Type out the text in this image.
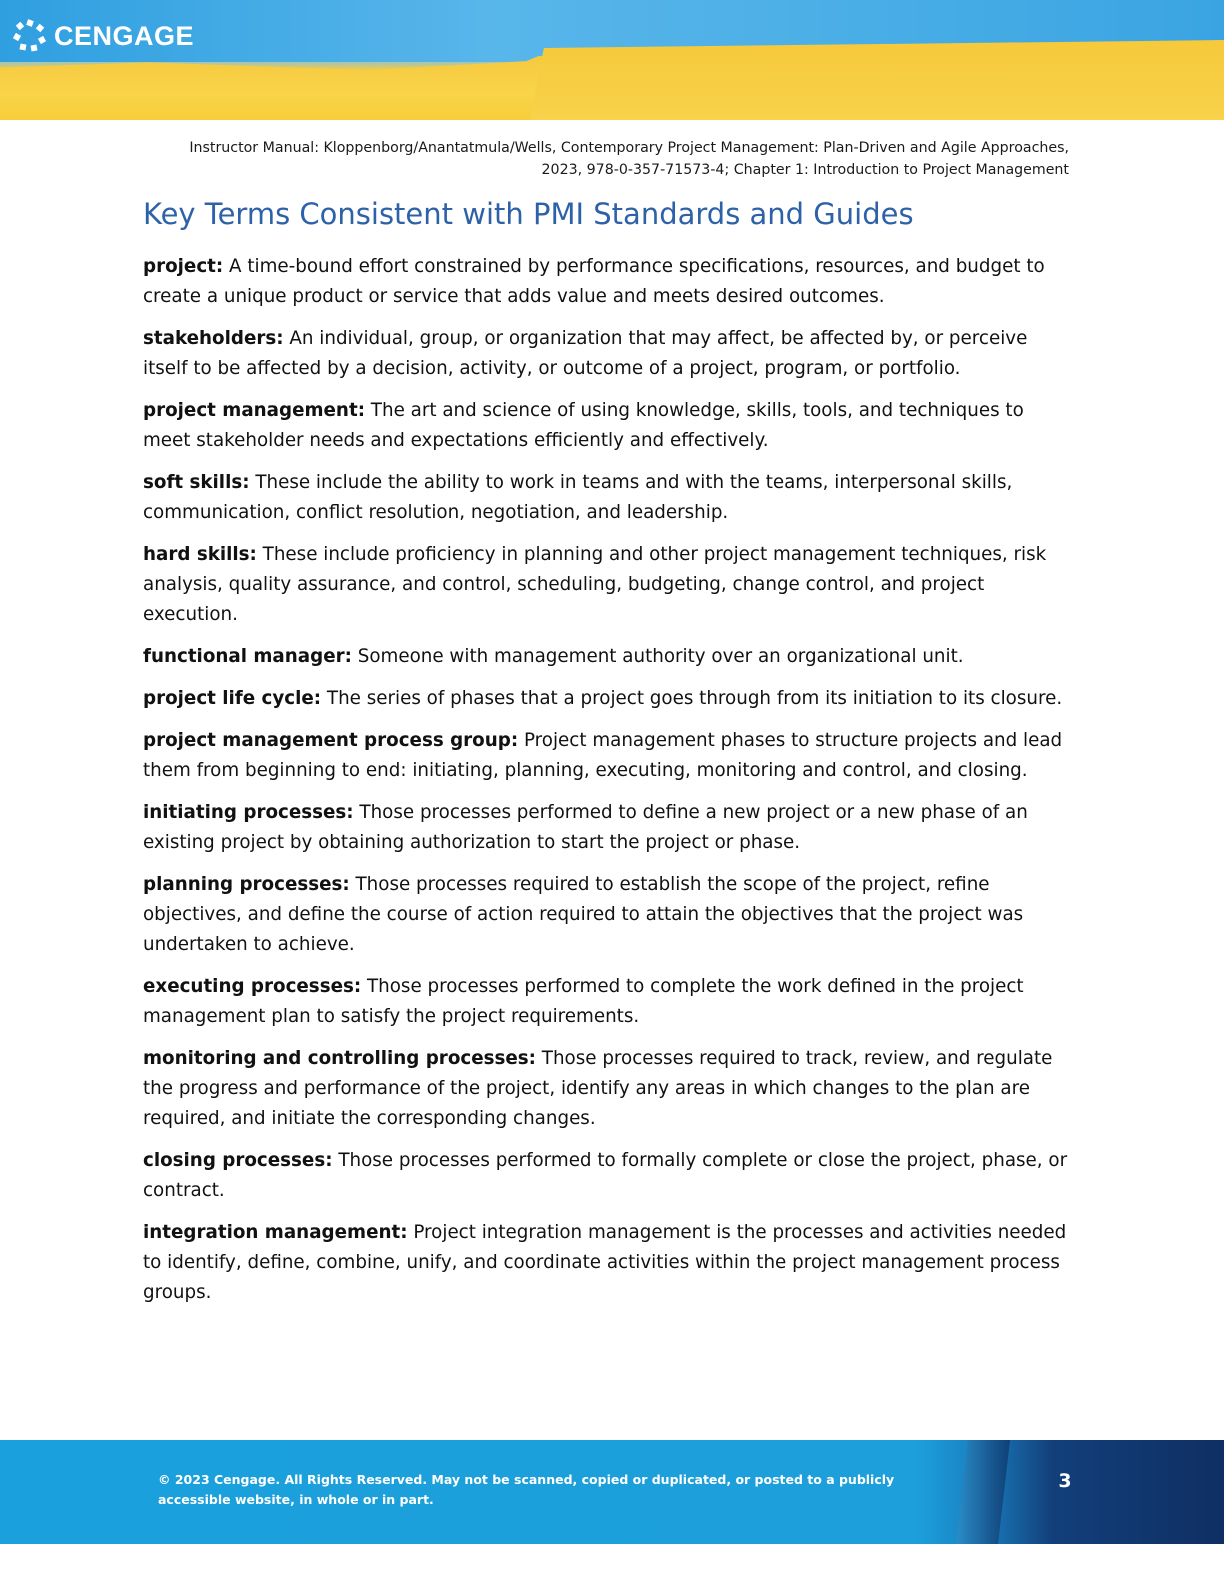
CENGAGE
Instructor Manual: Kloppenborg/Anantatmula/Wells, Contemporary Project Management: Plan-Driven and Agile Approaches,
2023, 978-0-357-71573-4; Chapter 1: Introduction to Project Management
Key Terms Consistent with PMI Standards and Guides

project: A time-bound effort constrained by performance specifications, resources, and budget to create a unique product or service that adds value and meets desired outcomes.

stakeholders: An individual, group, or organization that may affect, be affected by, or perceive itself to be affected by a decision, activity, or outcome of a project, program, or portfolio.

project management: The art and science of using knowledge, skills, tools, and techniques to meet stakeholder needs and expectations efficiently and effectively.

soft skills: These include the ability to work in teams and with the teams, interpersonal skills, communication, conflict resolution, negotiation, and leadership.

hard skills: These include proficiency in planning and other project management techniques, risk analysis, quality assurance, and control, scheduling, budgeting, change control, and project execution.

functional manager: Someone with management authority over an organizational unit.

project life cycle: The series of phases that a project goes through from its initiation to its closure.

project management process group: Project management phases to structure projects and lead them from beginning to end: initiating, planning, executing, monitoring and control, and closing.

initiating processes: Those processes performed to define a new project or a new phase of an existing project by obtaining authorization to start the project or phase.

planning processes: Those processes required to establish the scope of the project, refine objectives, and define the course of action required to attain the objectives that the project was undertaken to achieve.

executing processes: Those processes performed to complete the work defined in the project management plan to satisfy the project requirements.

monitoring and controlling processes: Those processes required to track, review, and regulate the progress and performance of the project, identify any areas in which changes to the plan are required, and initiate the corresponding changes.

closing processes: Those processes performed to formally complete or close the project, phase, or contract.

integration management: Project integration management is the processes and activities needed to identify, define, combine, unify, and coordinate activities within the project management process groups.

© 2023 Cengage. All Rights Reserved. May not be scanned, copied or duplicated, or posted to a publicly accessible website, in whole or in part.
3
